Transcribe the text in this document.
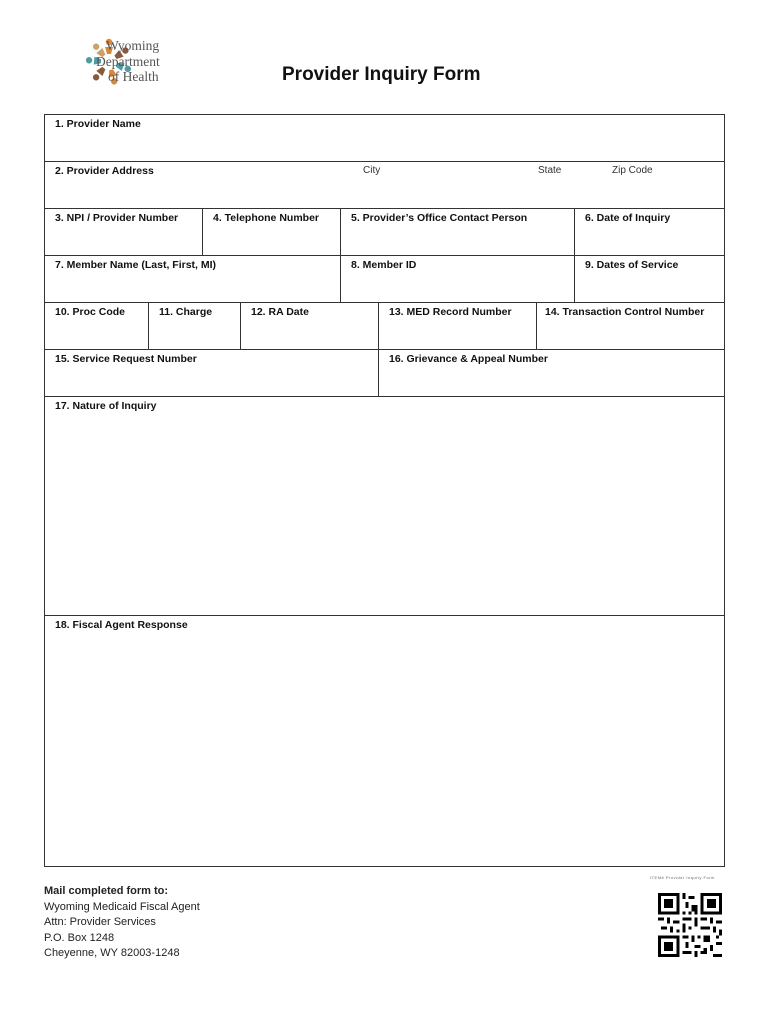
Wyoming
Department
of Health	Provider Inquiry Form
1. Provider Name
2. Provider Address	City	State	Zip Code
3. NPI / Provider Number	4. Telephone Number	5. Provider’s Office Contact Person	6. Date of Inquiry
7. Member Name (Last, First, MI)	8. Member ID	9. Dates of Service
10. Proc Code	11. Charge	12. RA Date	13. MED Record Number	14. Transaction Control Number
15. Service Request Number	16. Grievance & Appeal Number
17. Nature of Inquiry
18. Fiscal Agent Response
Mail completed form to:
Wyoming Medicaid Fiscal Agent
Attn: Provider Services
P.O. Box 1248
Cheyenne, WY 82003-1248
ITEM# Provider Inquiry Form
